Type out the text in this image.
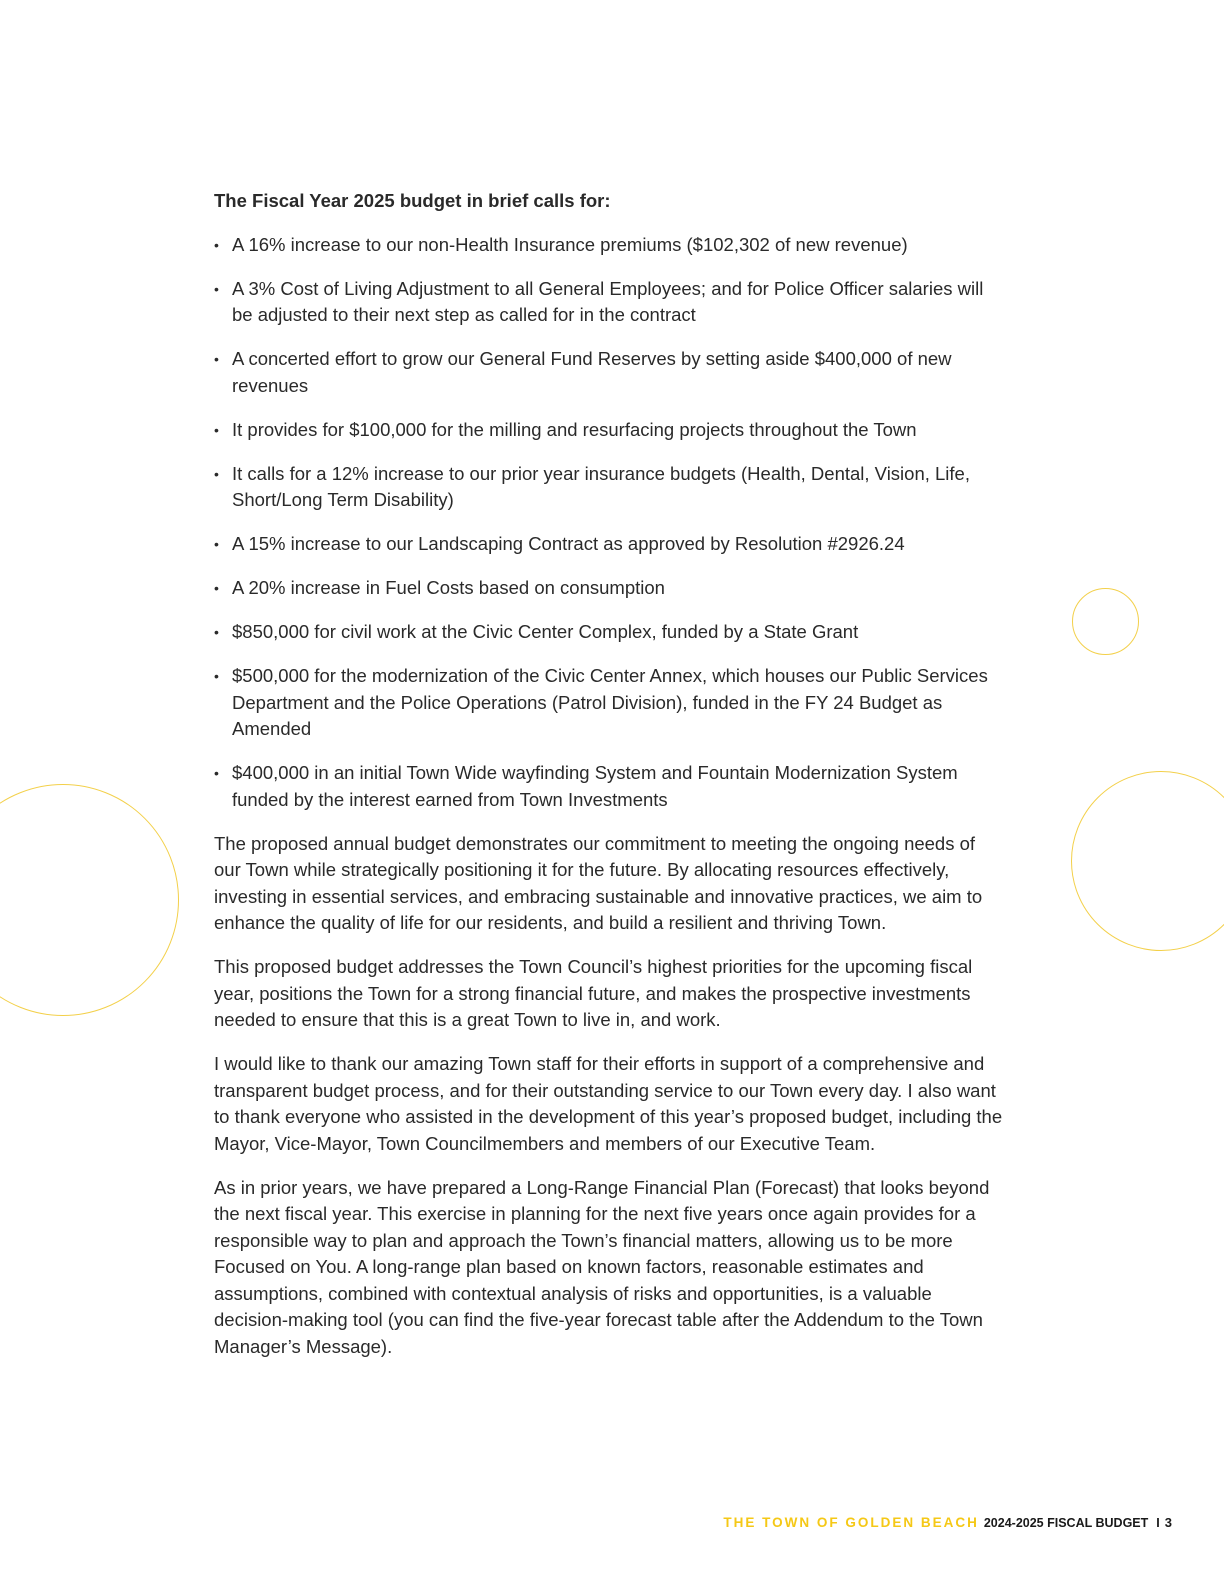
The Fiscal Year 2025 budget in brief calls for:
• A 16% increase to our non-Health Insurance premiums ($102,302 of new revenue)
• A 3% Cost of Living Adjustment to all General Employees; and for Police Officer salaries will be adjusted to their next step as called for in the contract
• A concerted effort to grow our General Fund Reserves by setting aside $400,000 of new revenues
• It provides for $100,000 for the milling and resurfacing projects throughout the Town
• It calls for a 12% increase to our prior year insurance budgets (Health, Dental, Vision, Life, Short/Long Term Disability)
• A 15% increase to our Landscaping Contract as approved by Resolution #2926.24
• A 20% increase in Fuel Costs based on consumption
• $850,000 for civil work at the Civic Center Complex, funded by a State Grant
• $500,000 for the modernization of the Civic Center Annex, which houses our Public Services Department and the Police Operations (Patrol Division), funded in the FY 24 Budget as Amended
• $400,000 in an initial Town Wide wayfinding System and Fountain Modernization System funded by the interest earned from Town Investments

The proposed annual budget demonstrates our commitment to meeting the ongoing needs of our Town while strategically positioning it for the future. By allocating resources effectively, investing in essential services, and embracing sustainable and innovative practices, we aim to enhance the quality of life for our residents, and build a resilient and thriving Town.

This proposed budget addresses the Town Council’s highest priorities for the upcoming fiscal year, positions the Town for a strong financial future, and makes the prospective investments needed to ensure that this is a great Town to live in, and work.

I would like to thank our amazing Town staff for their efforts in support of a comprehensive and transparent budget process, and for their outstanding service to our Town every day. I also want to thank everyone who assisted in the development of this year’s proposed budget, including the Mayor, Vice-Mayor, Town Councilmembers and members of our Executive Team.

As in prior years, we have prepared a Long-Range Financial Plan (Forecast) that looks beyond the next fiscal year. This exercise in planning for the next five years once again provides for a responsible way to plan and approach the Town’s financial matters, allowing us to be more Focused on You. A long-range plan based on known factors, reasonable estimates and assumptions, combined with contextual analysis of risks and opportunities, is a valuable decision-making tool (you can find the five-year forecast table after the Addendum to the Town Manager’s Message).

THE TOWN OF GOLDEN BEACH 2024-2025 FISCAL BUDGET I 3
